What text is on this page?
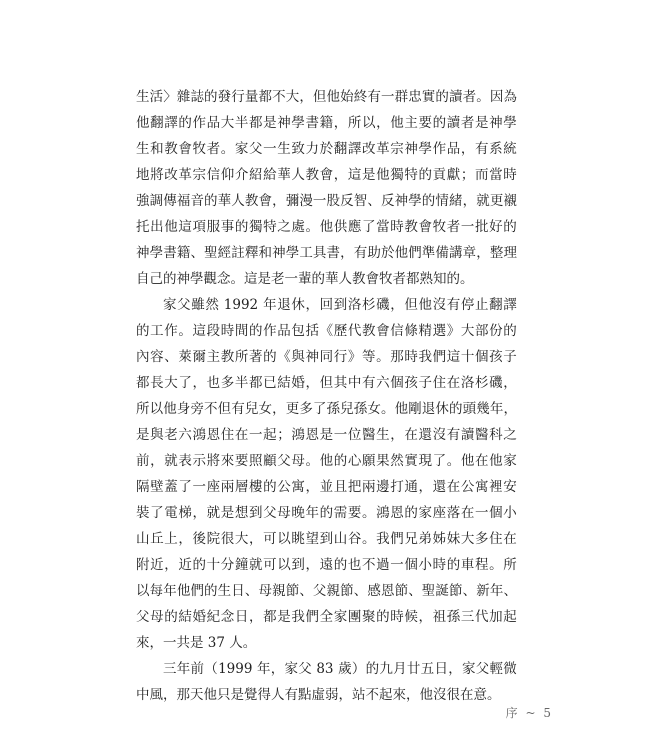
生 活 〉 雜 誌 的 發 行 量 都 不 大 ， 但 他 始 終 有 一 群 忠 實 的 讀 者 。 因 為
他 翻 譯 的 作 品 大 半 都 是 神 學 書 籍 ， 所 以 ， 他 主 要 的 讀 者 是 神 學
生 和 教 會 牧 者 。 家 父 一 生 致 力 於 翻 譯 改 革 宗 神 學 作 品 ， 有 系 統
地 將 改 革 宗 信 仰 介 紹 給 華 人 教 會 ， 這 是 他 獨 特 的 貢 獻 ； 而 當 時
強 調 傳 福 音 的 華 人 教 會 ， 彌 漫 一 股 反 智 、 反 神 學 的 情 緒 ， 就 更 襯
托 出 他 這 項 服 事 的 獨 特 之 處 。 他 供 應 了 當 時 教 會 牧 者 一 批 好 的
神 學 書 籍 、 聖 經 註 釋 和 神 學 工 具 書 ， 有 助 於 他 們 準 備 講 章 ， 整 理
自 己 的 神 學 觀 念 。 這 是 老 一 輩 的 華 人 教 會 牧 者 都 熟 知 的 。
家 父 雖 然 1992 年 退 休 ， 回 到 洛 杉 磯 ， 但 他 沒 有 停 止 翻 譯
的 工 作 。 這 段 時 間 的 作 品 包 括 《 歷 代 教 會 信 條 精 選 》 大 部 份 的
內 容 、 萊 爾 主 教 所 著 的 《 與 神 同 行 》 等 。 那 時 我 們 這 十 個 孩 子
都 長 大 了 ， 也 多 半 都 已 結 婚 ， 但 其 中 有 六 個 孩 子 住 在 洛 杉 磯 ，
所 以 他 身 旁 不 但 有 兒 女 ， 更 多 了 孫 兒 孫 女 。 他 剛 退 休 的 頭 幾 年 ，
是 與 老 六 鴻 恩 住 在 一 起 ； 鴻 恩 是 一 位 醫 生 ， 在 還 沒 有 讀 醫 科 之
前 ， 就 表 示 將 來 要 照 顧 父 母 。 他 的 心 願 果 然 實 現 了 。 他 在 他 家
隔 壁 蓋 了 一 座 兩 層 樓 的 公 寓 ， 並 且 把 兩 邊 打 通 ， 還 在 公 寓 裡 安
裝 了 電 梯 ， 就 是 想 到 父 母 晚 年 的 需 要 。 鴻 恩 的 家 座 落 在 一 個 小
山 丘 上 ， 後 院 很 大 ， 可 以 眺 望 到 山 谷 。 我 們 兄 弟 姊 妹 大 多 住 在
附 近 ， 近 的 十 分 鐘 就 可 以 到 ， 遠 的 也 不 過 一 個 小 時 的 車 程 。 所
以 每 年 他 們 的 生 日 、 母 親 節 、 父 親 節 、 感 恩 節 、 聖 誕 節 、 新 年 、
父 母 的 結 婚 紀 念 日 ， 都 是 我 們 全 家 團 聚 的 時 候 ， 祖 孫 三 代 加 起
來 ， 一 共 是 37 人 。
三 年 前 （ 1999 年 ， 家 父 83 歲 ） 的 九 月 廿 五 日 ， 家 父 輕 微
中 風 ， 那 天 他 只 是 覺 得 人 有 點 虛 弱 ， 站 不 起 來 ， 他 沒 很 在 意 。
序 ~ 5
